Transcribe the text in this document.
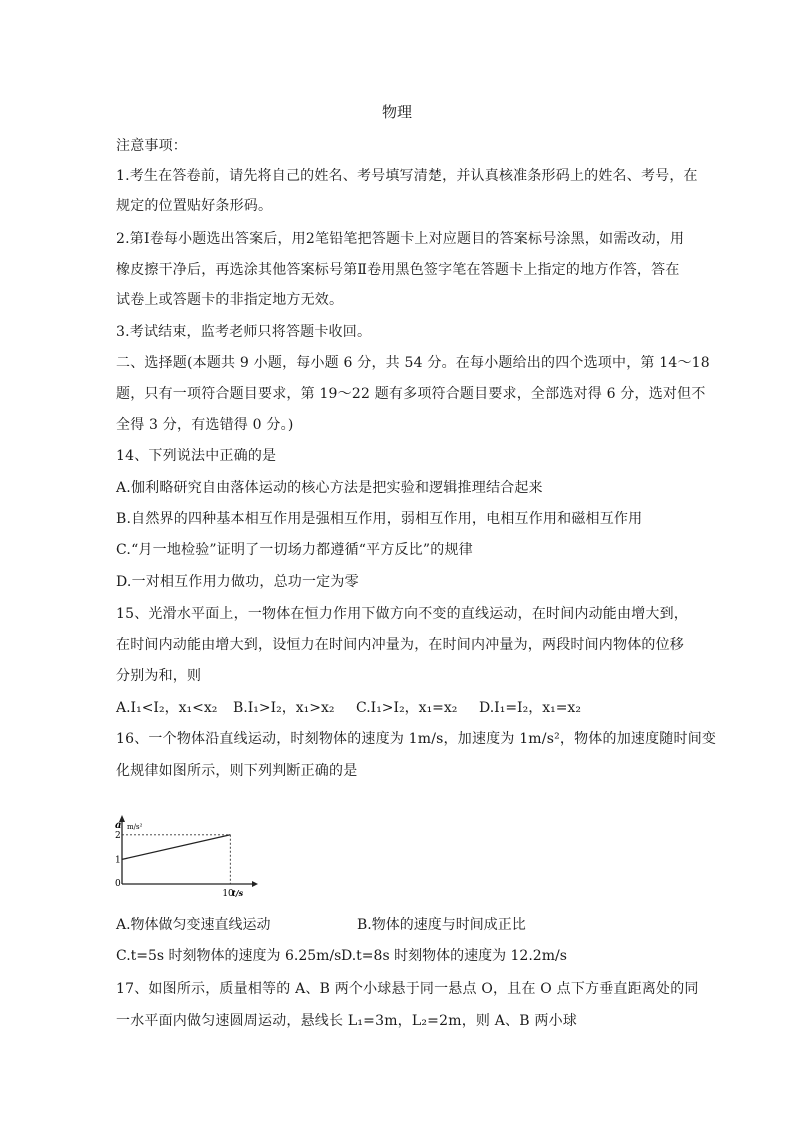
物理
注意事项：
1.考生在答卷前，请先将自己的姓名、考号填写清楚，并认真核准条形码上的姓名、考号，在
规定的位置贴好条形码。
2.第Ⅰ卷每小题选出答案后，用2笔铅笔把答题卡上对应题目的答案标号涂黑，如需改动，用
橡皮擦干净后，再选涂其他答案标号第Ⅱ卷用黑色签字笔在答题卡上指定的地方作答，答在
试卷上或答题卡的非指定地方无效。
3.考试结束，监考老师只将答题卡收回。
二、选择题(本题共 9 小题，每小题 6 分，共 54 分。在每小题给出的四个选项中，第 14～18
题，只有一项符合题目要求，第 19～22 题有多项符合题目要求，全部选对得 6 分，选对但不
全得 3 分，有选错得 0 分。)
14、下列说法中正确的是
A.伽利略研究自由落体运动的核心方法是把实验和逻辑推理结合起来
B.自然界的四种基本相互作用是强相互作用，弱相互作用，电相互作用和磁相互作用
C.“月一地检验”证明了一切场力都遵循“平方反比”的规律
D.一对相互作用力做功，总功一定为零
15、光滑水平面上，一物体在恒力作用下做方向不变的直线运动，在时间内动能由增大到，
在时间内动能由增大到，设恒力在时间内冲量为，在时间内冲量为，两段时间内物体的位移
分别为和，则
A.I₁<I₂，x₁<x₂ B.I₁>I₂，x₁>x₂ C.I₁>I₂，x₁=x₂ D.I₁=I₂，x₁=x₂
16、一个物体沿直线运动，时刻物体的速度为 1m/s，加速度为 1m/s²，物体的加速度随时间变
化规律如图所示，则下列判断正确的是
a m/s²
2
1
0
10
t/s
A.物体做匀变速直线运动	B.物体的速度与时间成正比
C.t=5s 时刻物体的速度为 6.25m/s D.t=8s 时刻物体的速度为 12.2m/s
17、如图所示，质量相等的 A、B 两个小球悬于同一悬点 O，且在 O 点下方垂直距离处的同
一水平面内做匀速圆周运动，悬线长 L₁=3m，L₂=2m，则 A、B 两小球
